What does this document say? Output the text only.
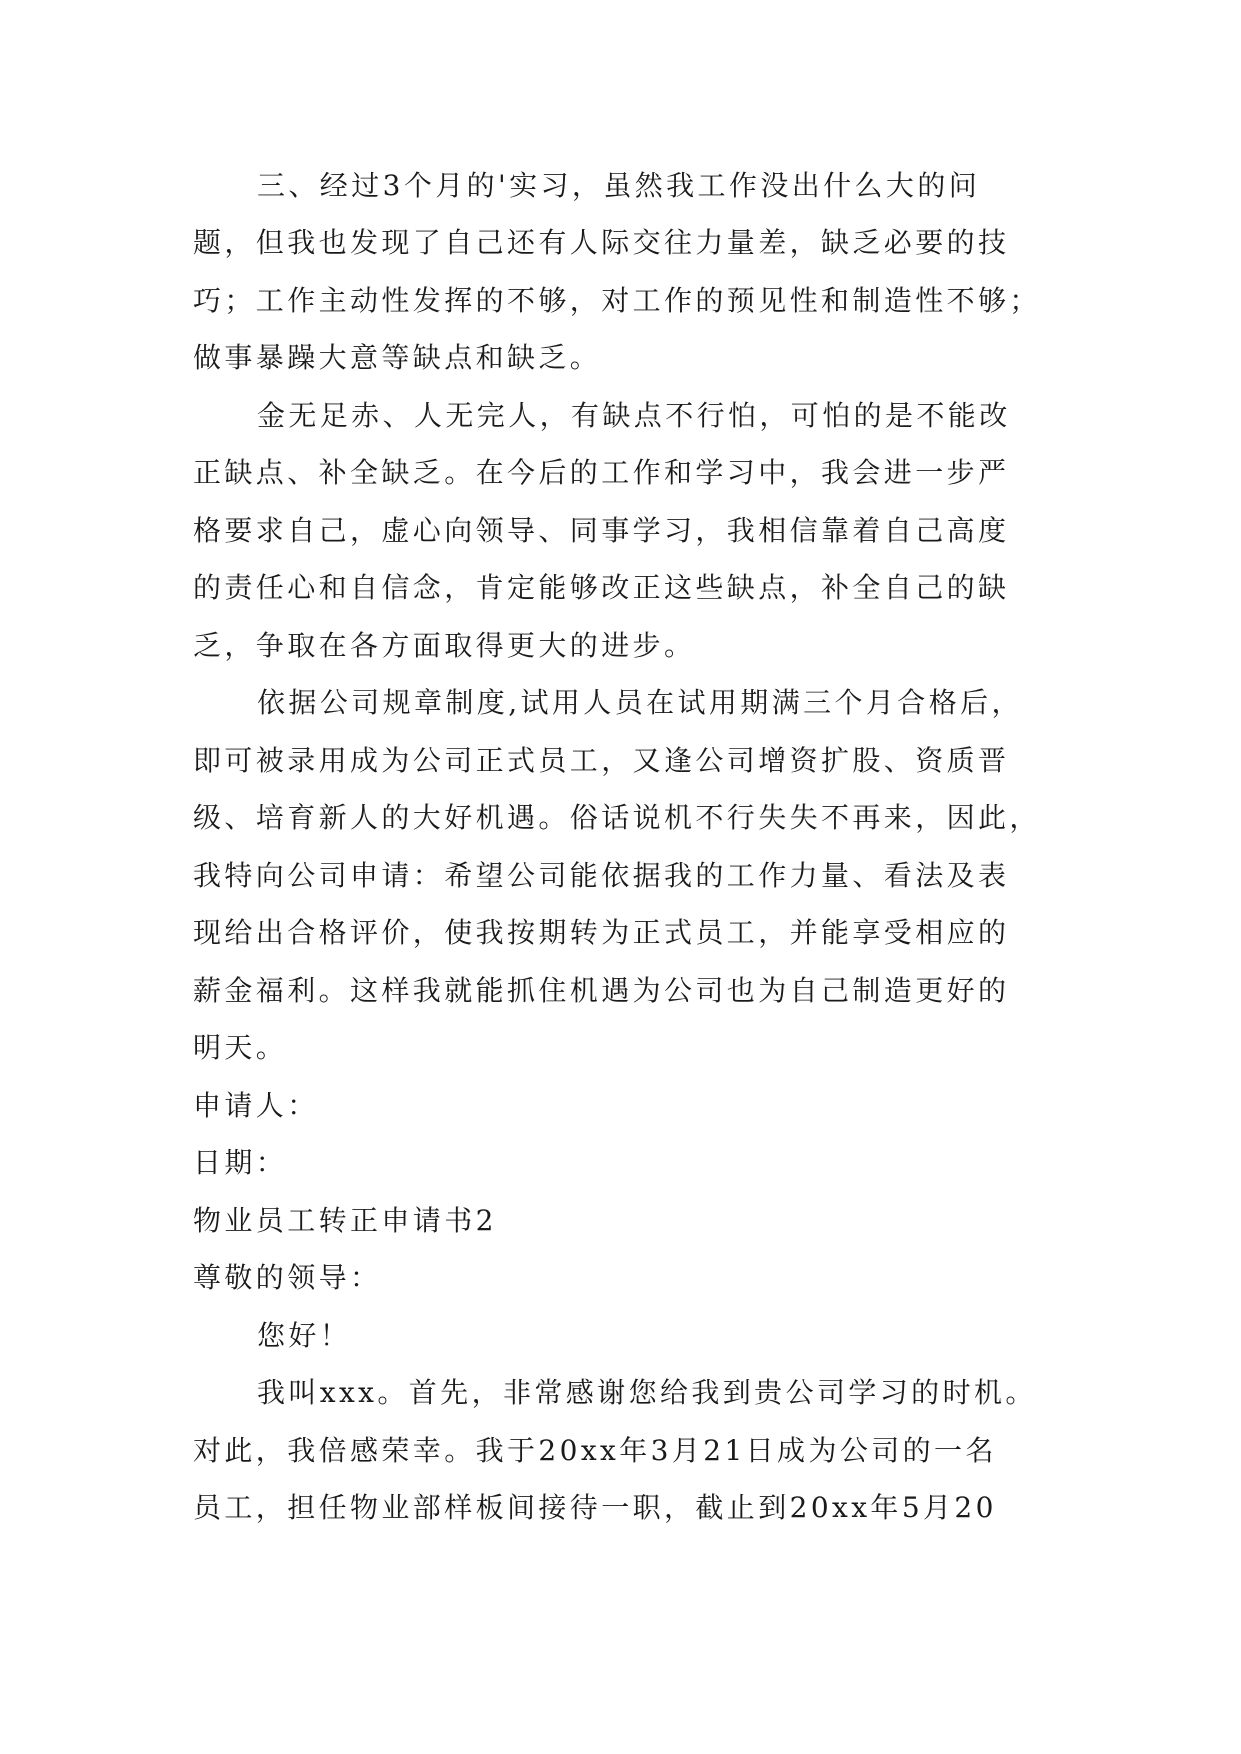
三、经过3个月的'实习，虽然我工作没出什么大的问
题，但我也发现了自己还有人际交往力量差，缺乏必要的技
巧；工作主动性发挥的不够，对工作的预见性和制造性不够；
做事暴躁大意等缺点和缺乏。
金无足赤、人无完人，有缺点不行怕，可怕的是不能改
正缺点、补全缺乏。在今后的工作和学习中，我会进一步严
格要求自己，虚心向领导、同事学习，我相信靠着自己高度
的责任心和自信念，肯定能够改正这些缺点，补全自己的缺
乏，争取在各方面取得更大的进步。
依据公司规章制度,试用人员在试用期满三个月合格后，
即可被录用成为公司正式员工，又逢公司增资扩股、资质晋
级、培育新人的大好机遇。俗话说机不行失失不再来，因此，
我特向公司申请：希望公司能依据我的工作力量、看法及表
现给出合格评价，使我按期转为正式员工，并能享受相应的
薪金福利。这样我就能抓住机遇为公司也为自己制造更好的
明天。
申请人：
日期：
物业员工转正申请书2
尊敬的领导：
您好！
我叫xxx。首先，非常感谢您给我到贵公司学习的时机。
对此，我倍感荣幸。我于20xx年3月21日成为公司的一名
员工，担任物业部样板间接待一职，截止到20xx年5月20
